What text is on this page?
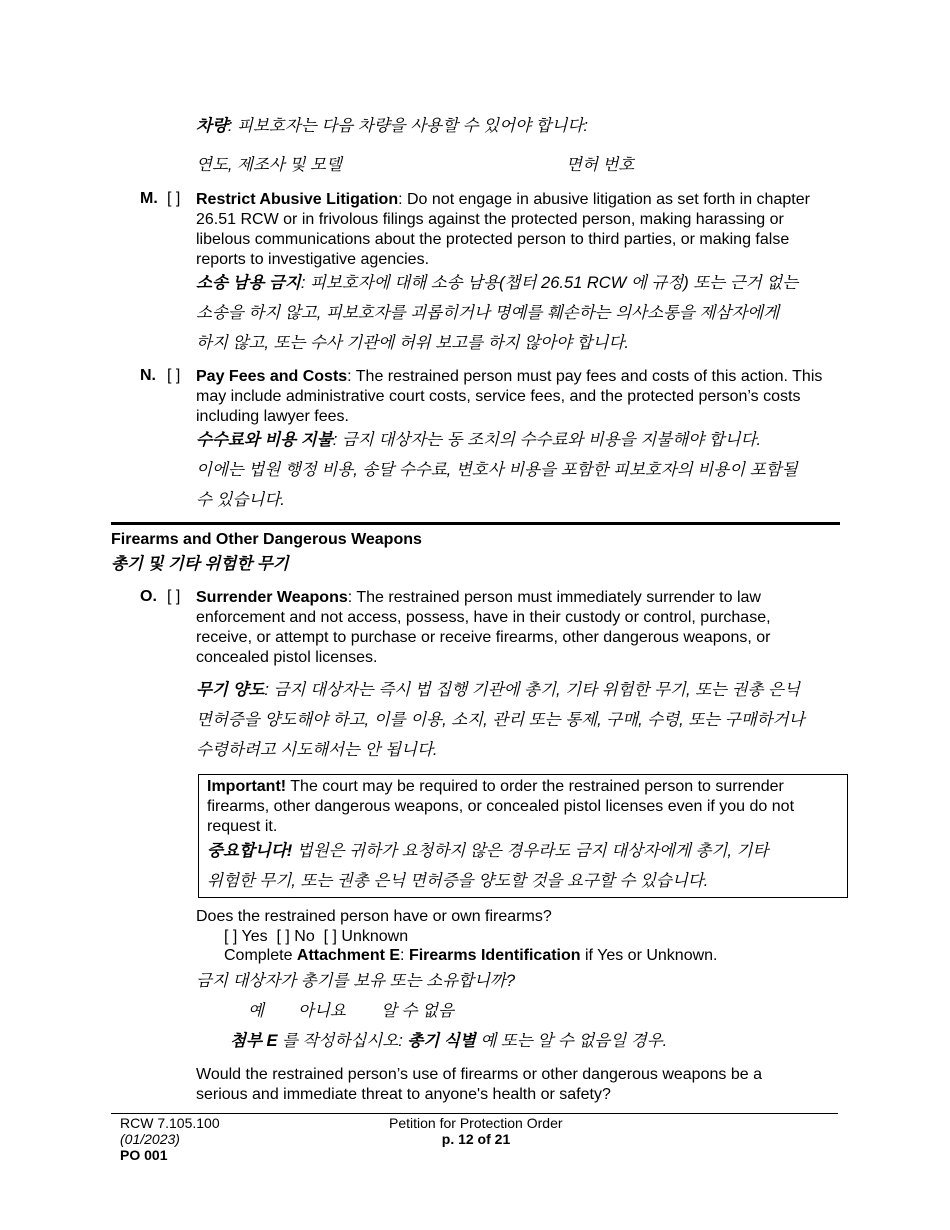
차량: 피보호자는 다음 차량을 사용할 수 있어야 합니다:
연도, 제조사 및 모델	면허 번호
M. [ ] Restrict Abusive Litigation: Do not engage in abusive litigation as set forth in chapter 26.51 RCW or in frivolous filings against the protected person, making harassing or libelous communications about the protected person to third parties, or making false reports to investigative agencies.
소송 남용 금지: 피보호자에 대해 소송 남용(챕터 26.51 RCW 에 규정) 또는 근거 없는
소송을 하지 않고, 피보호자를 괴롭히거나 명예를 훼손하는 의사소통을 제삼자에게
하지 않고, 또는 수사 기관에 허위 보고를 하지 않아야 합니다.
N. [ ] Pay Fees and Costs: The restrained person must pay fees and costs of this action. This may include administrative court costs, service fees, and the protected person’s costs including lawyer fees.
수수료와 비용 지불: 금지 대상자는 동 조치의 수수료와 비용을 지불해야 합니다.
이에는 법원 행정 비용, 송달 수수료, 변호사 비용을 포함한 피보호자의 비용이 포함될
수 있습니다.
Firearms and Other Dangerous Weapons
총기 및 기타 위험한 무기
O. [ ] Surrender Weapons: The restrained person must immediately surrender to law enforcement and not access, possess, have in their custody or control, purchase, receive, or attempt to purchase or receive firearms, other dangerous weapons, or concealed pistol licenses.
무기 양도: 금지 대상자는 즉시 법 집행 기관에 총기, 기타 위험한 무기, 또는 권총 은닉
면허증을 양도해야 하고, 이를 이용, 소지, 관리 또는 통제, 구매, 수령, 또는 구매하거나
수령하려고 시도해서는 안 됩니다.
Important! The court may be required to order the restrained person to surrender firearms, other dangerous weapons, or concealed pistol licenses even if you do not request it.
중요합니다! 법원은 귀하가 요청하지 않은 경우라도 금지 대상자에게 총기, 기타
위험한 무기, 또는 권총 은닉 면허증을 양도할 것을 요구할 수 있습니다.
Does the restrained person have or own firearms?
[ ] Yes [ ] No [ ] Unknown
Complete Attachment E: Firearms Identification if Yes or Unknown.
금지 대상자가 총기를 보유 또는 소유합니까?
예 아니요 알 수 없음
첨부 E 를 작성하십시오: 총기 식별 예 또는 알 수 없음일 경우.
Would the restrained person’s use of firearms or other dangerous weapons be a serious and immediate threat to anyone's health or safety?
RCW 7.105.100
(01/2023)
PO 001
Petition for Protection Order
p. 12 of 21
